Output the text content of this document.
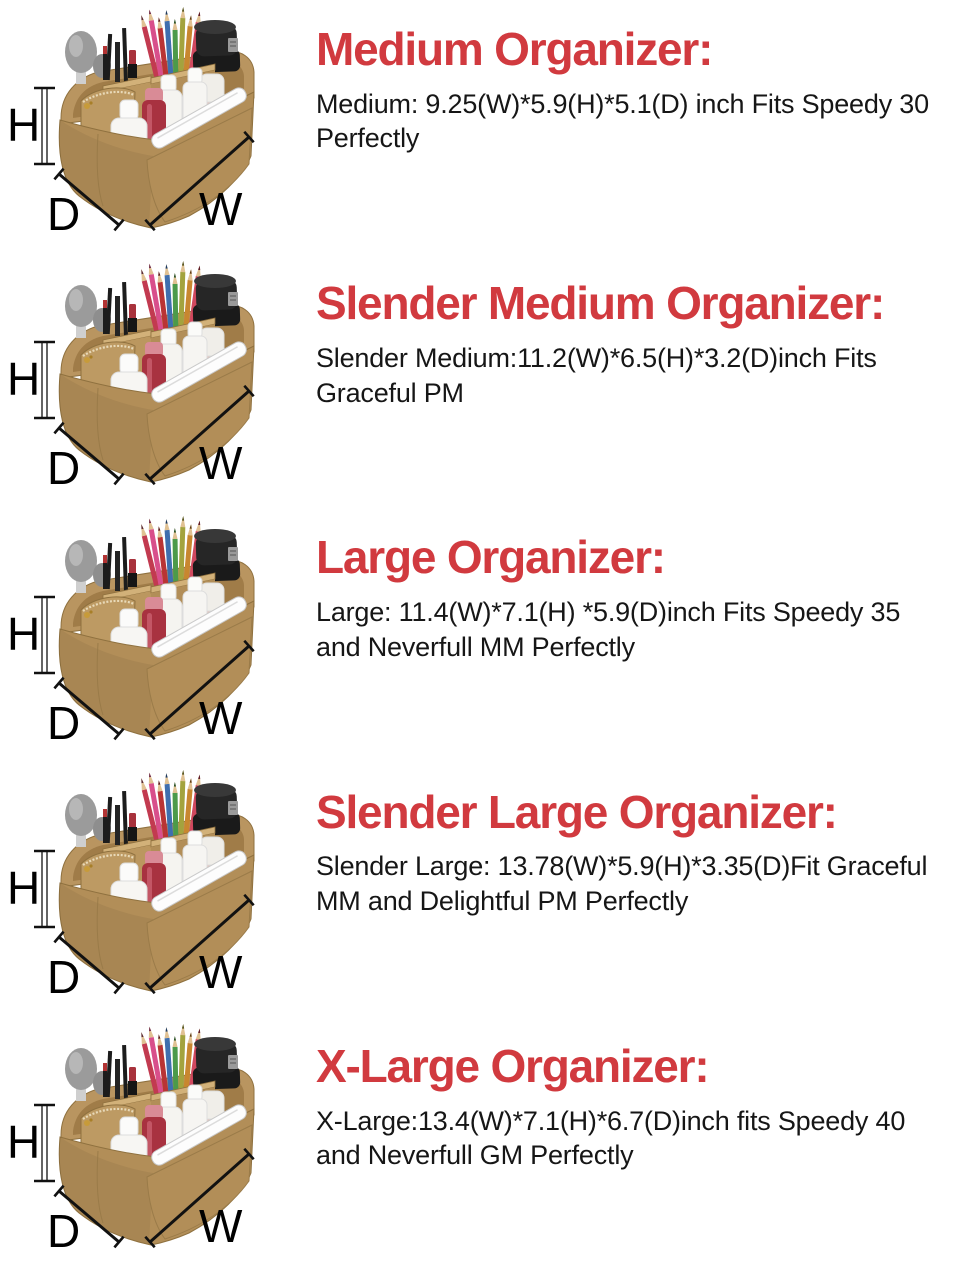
Medium Organizer:

Medium: 9.25(W)*5.9(H)*5.1(D) inch Fits Speedy 30 Perfectly

Slender Medium Organizer:

Slender Medium:11.2(W)*6.5(H)*3.2(D)inch Fits Graceful PM

Large Organizer:

Large: 11.4(W)*7.1(H) *5.9(D)inch Fits Speedy 35 and Neverfull MM Perfectly

Slender Large Organizer:

Slender Large: 13.78(W)*5.9(H)*3.35(D)Fit Graceful MM and Delightful PM Perfectly

X-Large Organizer:

X-Large:13.4(W)*7.1(H)*6.7(D)inch fits Speedy 40 and Neverfull GM Perfectly
